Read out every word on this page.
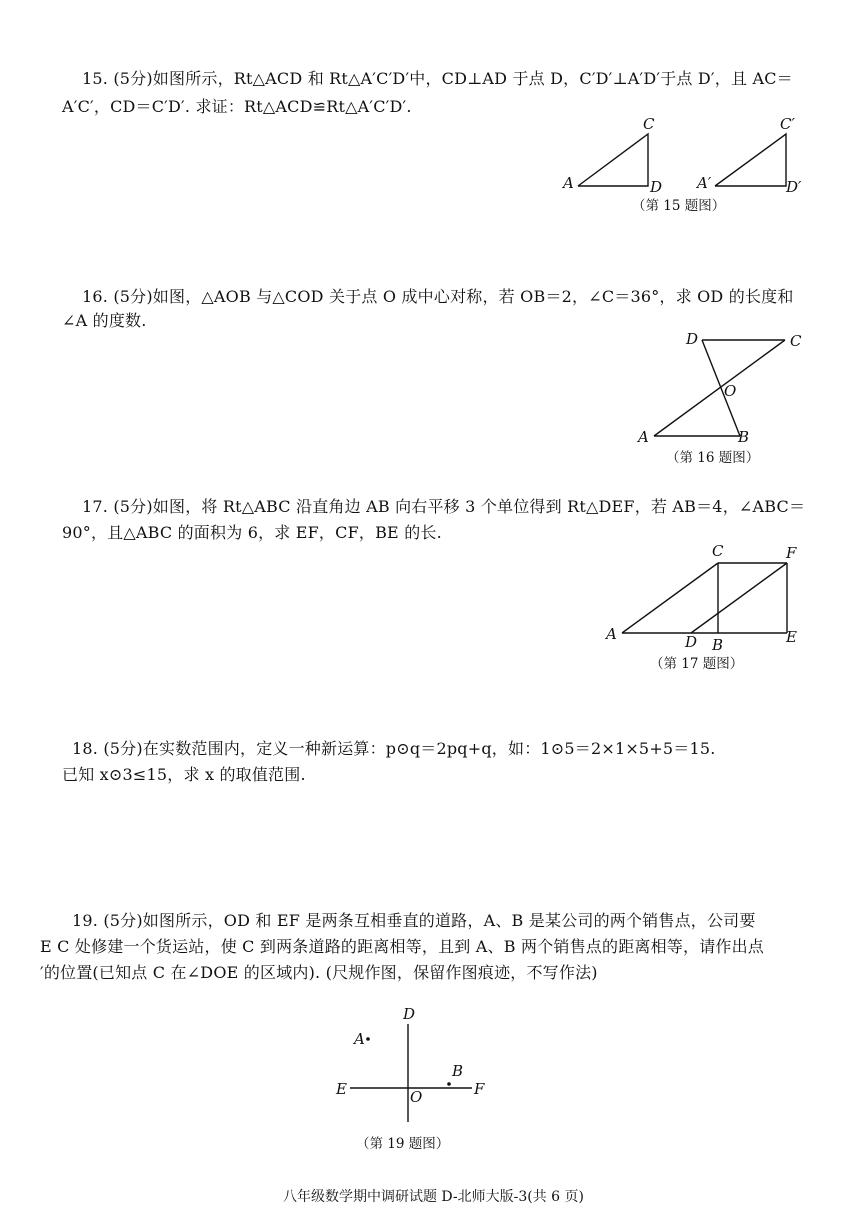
15. (5分)如图所示，Rt△ACD 和 Rt△A′C′D′中，CD⊥AD 于点 D，C′D′⊥A′D′于点 D′，且 AC＝
A′C′，CD＝C′D′. 求证：Rt△ACD≌Rt△A′C′D′.
A
C
D A′
C′
D′
（第 15 题图）
16. (5分)如图，△AOB 与△COD 关于点 O 成中心对称，若 OB＝2，∠C＝36°，求 OD 的长度和
∠A 的度数.
D	C
O
A	B
（第 16 题图）
17. (5分)如图，将 Rt△ABC 沿直角边 AB 向右平移 3 个单位得到 Rt△DEF，若 AB＝4，∠ABC＝
90°，且△ABC 的面积为 6，求 EF，CF，BE 的长.
C	F
A	D B	E
（第 17 题图）
18. (5分)在实数范围内，定义一种新运算：p⊙q＝2pq+q，如：1⊙5＝2×1×5+5＝15.
已知 x⊙3≤15，求 x 的取值范围.
19. (5分)如图所示，OD 和 EF 是两条互相垂直的道路，A、B 是某公司的两个销售点，公司要
E C 处修建一个货运站，使 C 到两条道路的距离相等，且到 A、B 两个销售点的距离相等，请作出点
′的位置(已知点 C 在∠DOE 的区域内). (尺规作图，保留作图痕迹，不写作法)
D
A
B
E	F
O
（第 19 题图）
八年级数学期中调研试题 D-北师大版-3(共 6 页)
